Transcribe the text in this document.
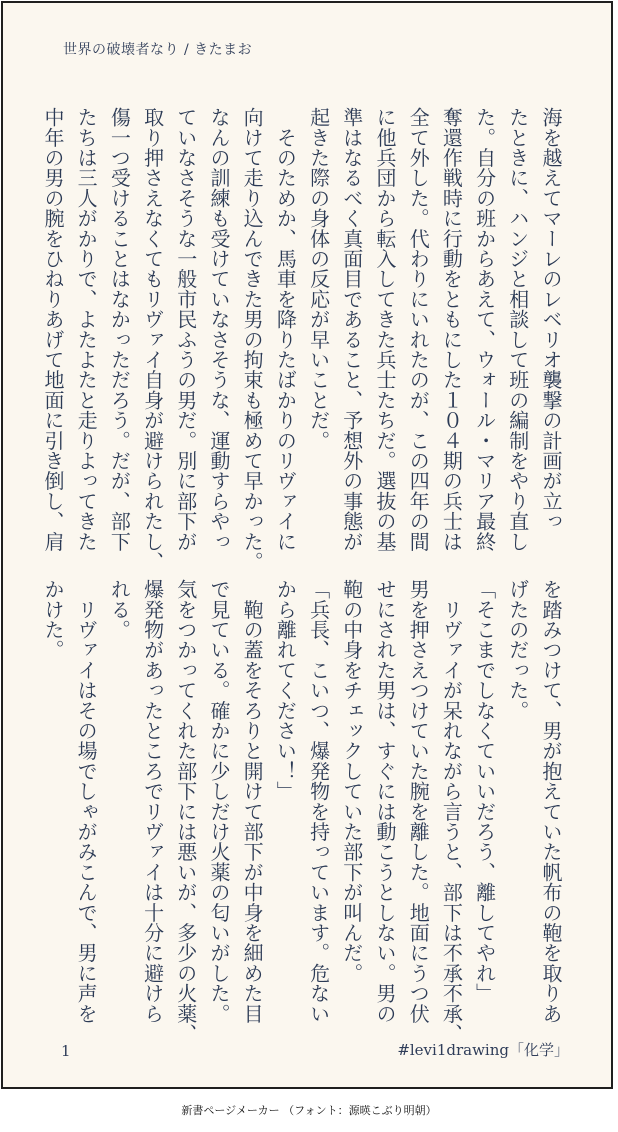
世界の破壊者なり / きたまお
海を越えてマーレのレベリオ襲撃の計画が立っ
たときに、ハンジと相談して班の編制をやり直し
た。自分の班からあえて、ウォール・マリア最終
奪還作戦時に行動をともにした１０４期の兵士は
全て外した。代わりにいれたのが、この四年の間
に他兵団から転入してきた兵士たちだ。選抜の基
準はなるべく真面目であること、予想外の事態が
起きた際の身体の反応が早いことだ。
　そのためか、馬車を降りたばかりのリヴァイに
向けて走り込んできた男の拘束も極めて早かった。
なんの訓練も受けていなさそうな、運動すらやっ
ていなさそうな一般市民ふうの男だ。別に部下が
取り押さえなくてもリヴァイ自身が避けられたし、
傷一つ受けることはなかっただろう。だが、部下
たちは三人がかりで、よたよたと走りよってきた
中年の男の腕をひねりあげて地面に引き倒し、肩
を踏みつけて、男が抱えていた帆布の鞄を取りあ
げたのだった。
「そこまでしなくていいだろう、離してやれ」
　リヴァイが呆れながら言うと、部下は不承不承、
男を押さえつけていた腕を離した。地面にうつ伏
せにされた男は、すぐには動こうとしない。男の
鞄の中身をチェックしていた部下が叫んだ。
「兵長、こいつ、爆発物を持っています。危ない
から離れてください！」
　鞄の蓋をそろりと開けて部下が中身を細めた目
で見ている。確かに少しだけ火薬の匂いがした。
気をつかってくれた部下には悪いが、多少の火薬、
爆発物があったところでリヴァイは十分に避けら
れる。
　リヴァイはその場でしゃがみこんで、男に声を
かけた。
1	#levi1drawing「化学」
新書ページメーカー （フォント：源暎こぶり明朝）
